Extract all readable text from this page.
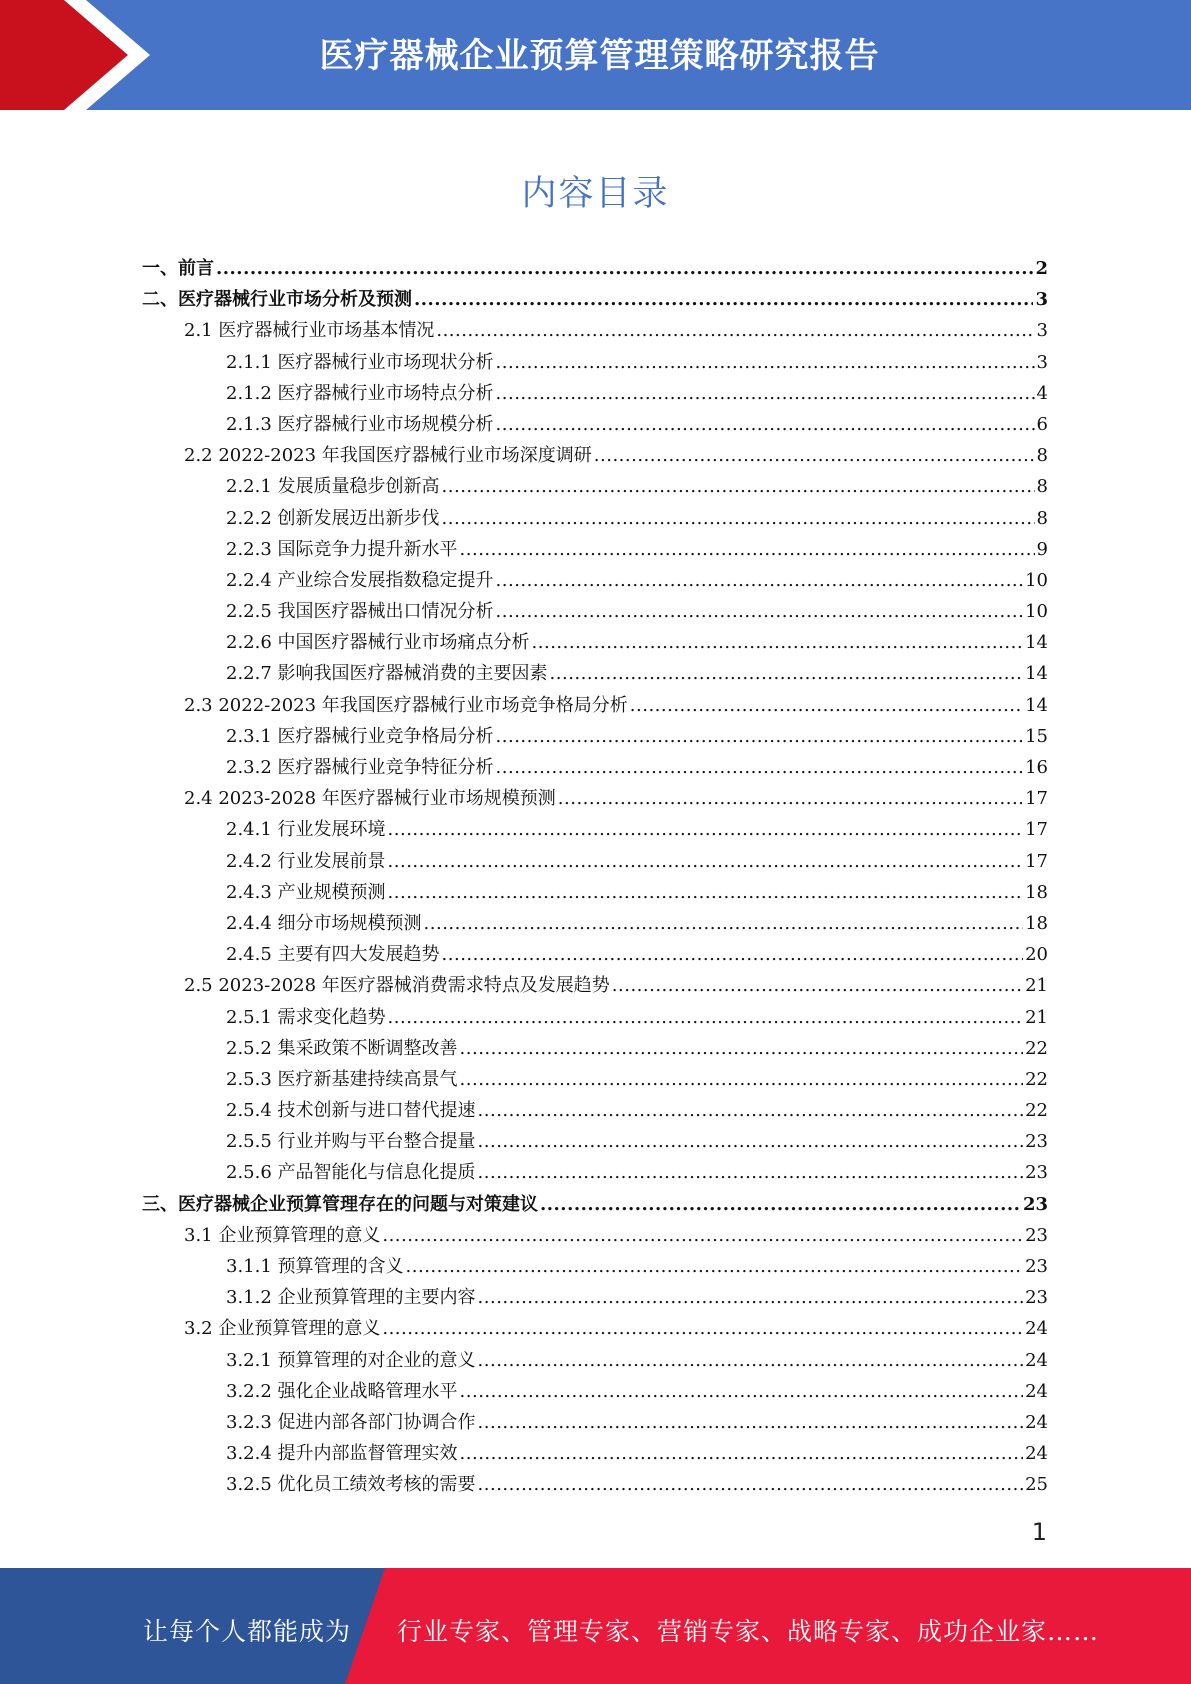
医疗器械企业预算管理策略研究报告
内容目录
一、前言 .....	2
二、医疗器械行业市场分析及预测 .....	3
2.1 医疗器械行业市场基本情况 .....	3
2.1.1 医疗器械行业市场现状分析 .....	3
2.1.2 医疗器械行业市场特点分析 .....	4
2.1.3 医疗器械行业市场规模分析 .....	6
2.2 2022-2023 年我国医疗器械行业市场深度调研 .....	8
2.2.1 发展质量稳步创新高 .....	8
2.2.2 创新发展迈出新步伐 .....	8
2.2.3 国际竞争力提升新水平 .....	9
2.2.4 产业综合发展指数稳定提升 .....	10
2.2.5 我国医疗器械出口情况分析 .....	10
2.2.6 中国医疗器械行业市场痛点分析 .....	14
2.2.7 影响我国医疗器械消费的主要因素 .....	14
2.3 2022-2023 年我国医疗器械行业市场竞争格局分析 .....	14
2.3.1 医疗器械行业竞争格局分析 .....	15
2.3.2 医疗器械行业竞争特征分析 .....	16
2.4 2023-2028 年医疗器械行业市场规模预测 .....	17
2.4.1 行业发展环境 .....	17
2.4.2 行业发展前景 .....	17
2.4.3 产业规模预测 .....	18
2.4.4 细分市场规模预测 .....	18
2.4.5 主要有四大发展趋势 .....	20
2.5 2023-2028 年医疗器械消费需求特点及发展趋势 .....	21
2.5.1 需求变化趋势 .....	21
2.5.2 集采政策不断调整改善 .....	22
2.5.3 医疗新基建持续高景气 .....	22
2.5.4 技术创新与进口替代提速 .....	22
2.5.5 行业并购与平台整合提量 .....	23
2.5.6 产品智能化与信息化提质 .....	23
三、医疗器械企业预算管理存在的问题与对策建议 .....	23
3.1 企业预算管理的意义 .....	23
3.1.1 预算管理的含义 .....	23
3.1.2 企业预算管理的主要内容 .....	23
3.2 企业预算管理的意义 .....	24
3.2.1 预算管理的对企业的意义 .....	24
3.2.2 强化企业战略管理水平 .....	24
3.2.3 促进内部各部门协调合作 .....	24
3.2.4 提升内部监督管理实效 .....	24
3.2.5 优化员工绩效考核的需要 .....	25
1
让每个人都能成为 行业专家、管理专家、营销专家、战略专家、成功企业家……
